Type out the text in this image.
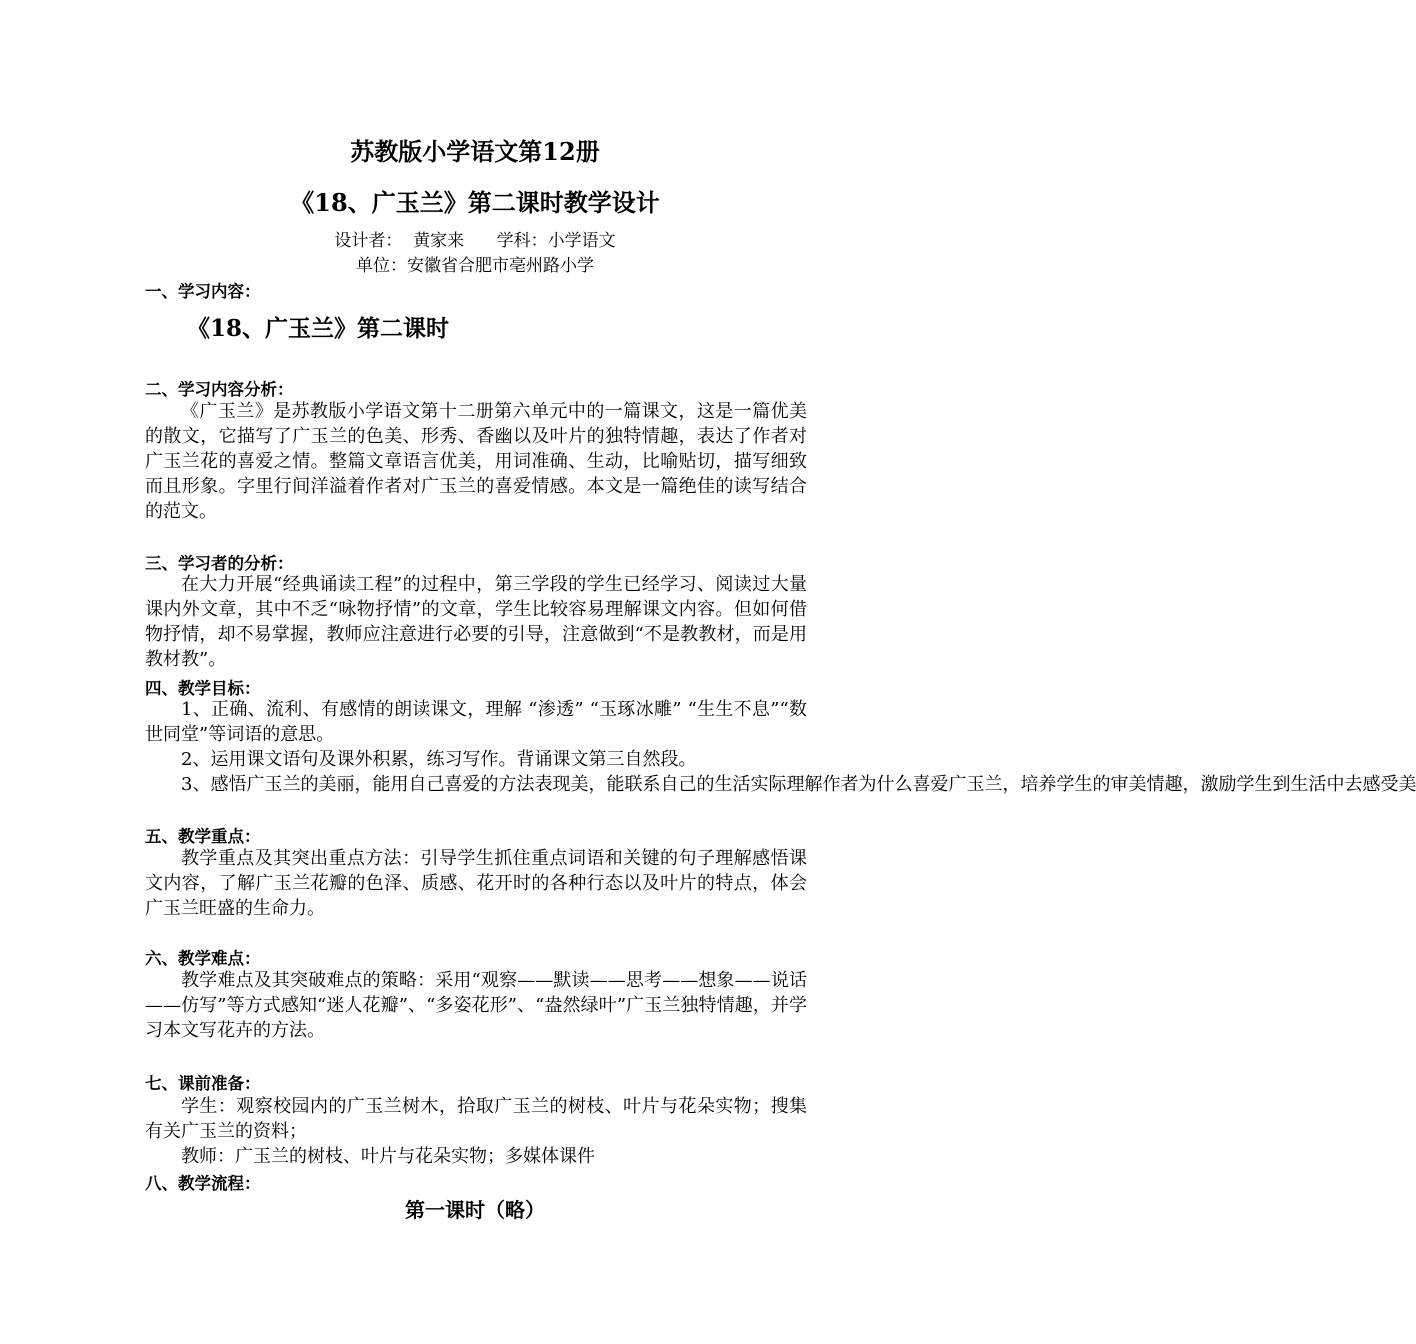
苏教版小学语文第12册
《18、广玉兰》第二课时教学设计
设计者：  黄家来      学科：小学语文
单位：安徽省合肥市亳州路小学
一、学习内容：
《18、广玉兰》第二课时
二、学习内容分析：

《广玉兰》是苏教版小学语文第十二册第六单元中的一篇课文，这是一篇优美的散文，它描写了广玉兰的色美、形秀、香幽以及叶片的独特情趣，表达了作者对广玉兰花的喜爱之情。整篇文章语言优美，用词准确、生动，比喻贴切，描写细致而且形象。字里行间洋溢着作者对广玉兰的喜爱情感。本文是一篇绝佳的读写结合的范文。

三、学习者的分析：

在大力开展“经典诵读工程”的过程中，第三学段的学生已经学习、阅读过大量课内外文章，其中不乏“咏物抒情”的文章，学生比较容易理解课文内容。但如何借物抒情，却不易掌握，教师应注意进行必要的引导，注意做到“不是教教材，而是用教材教”。

四、教学目标：

1、正确、流利、有感情的朗读课文，理解 “渗透” “玉琢冰雕” “生生不息”“数世同堂”等词语的意思。

2、运用课文语句及课外积累，练习写作。背诵课文第三自然段。

3、感悟广玉兰的美丽，能用自己喜爱的方法表现美，能联系自己的生活实际理解作者为什么喜爱广玉兰，培养学生的审美情趣，激励学生到生活中去感受美

五、教学重点：

教学重点及其突出重点方法：引导学生抓住重点词语和关键的句子理解感悟课文内容，了解广玉兰花瓣的色泽、质感、花开时的各种行态以及叶片的特点，体会广玉兰旺盛的生命力。

六、教学难点：

教学难点及其突破难点的策略：采用“观察——默读——思考——想象——说话——仿写”等方式感知“迷人花瓣”、“多姿花形”、“盎然绿叶”广玉兰独特情趣，并学习本文写花卉的方法。

七、课前准备：

学生：观察校园内的广玉兰树木，拾取广玉兰的树枝、叶片与花朵实物；搜集有关广玉兰的资料；

教师：广玉兰的树枝、叶片与花朵实物；多媒体课件

八、教学流程：
第一课时（略）
